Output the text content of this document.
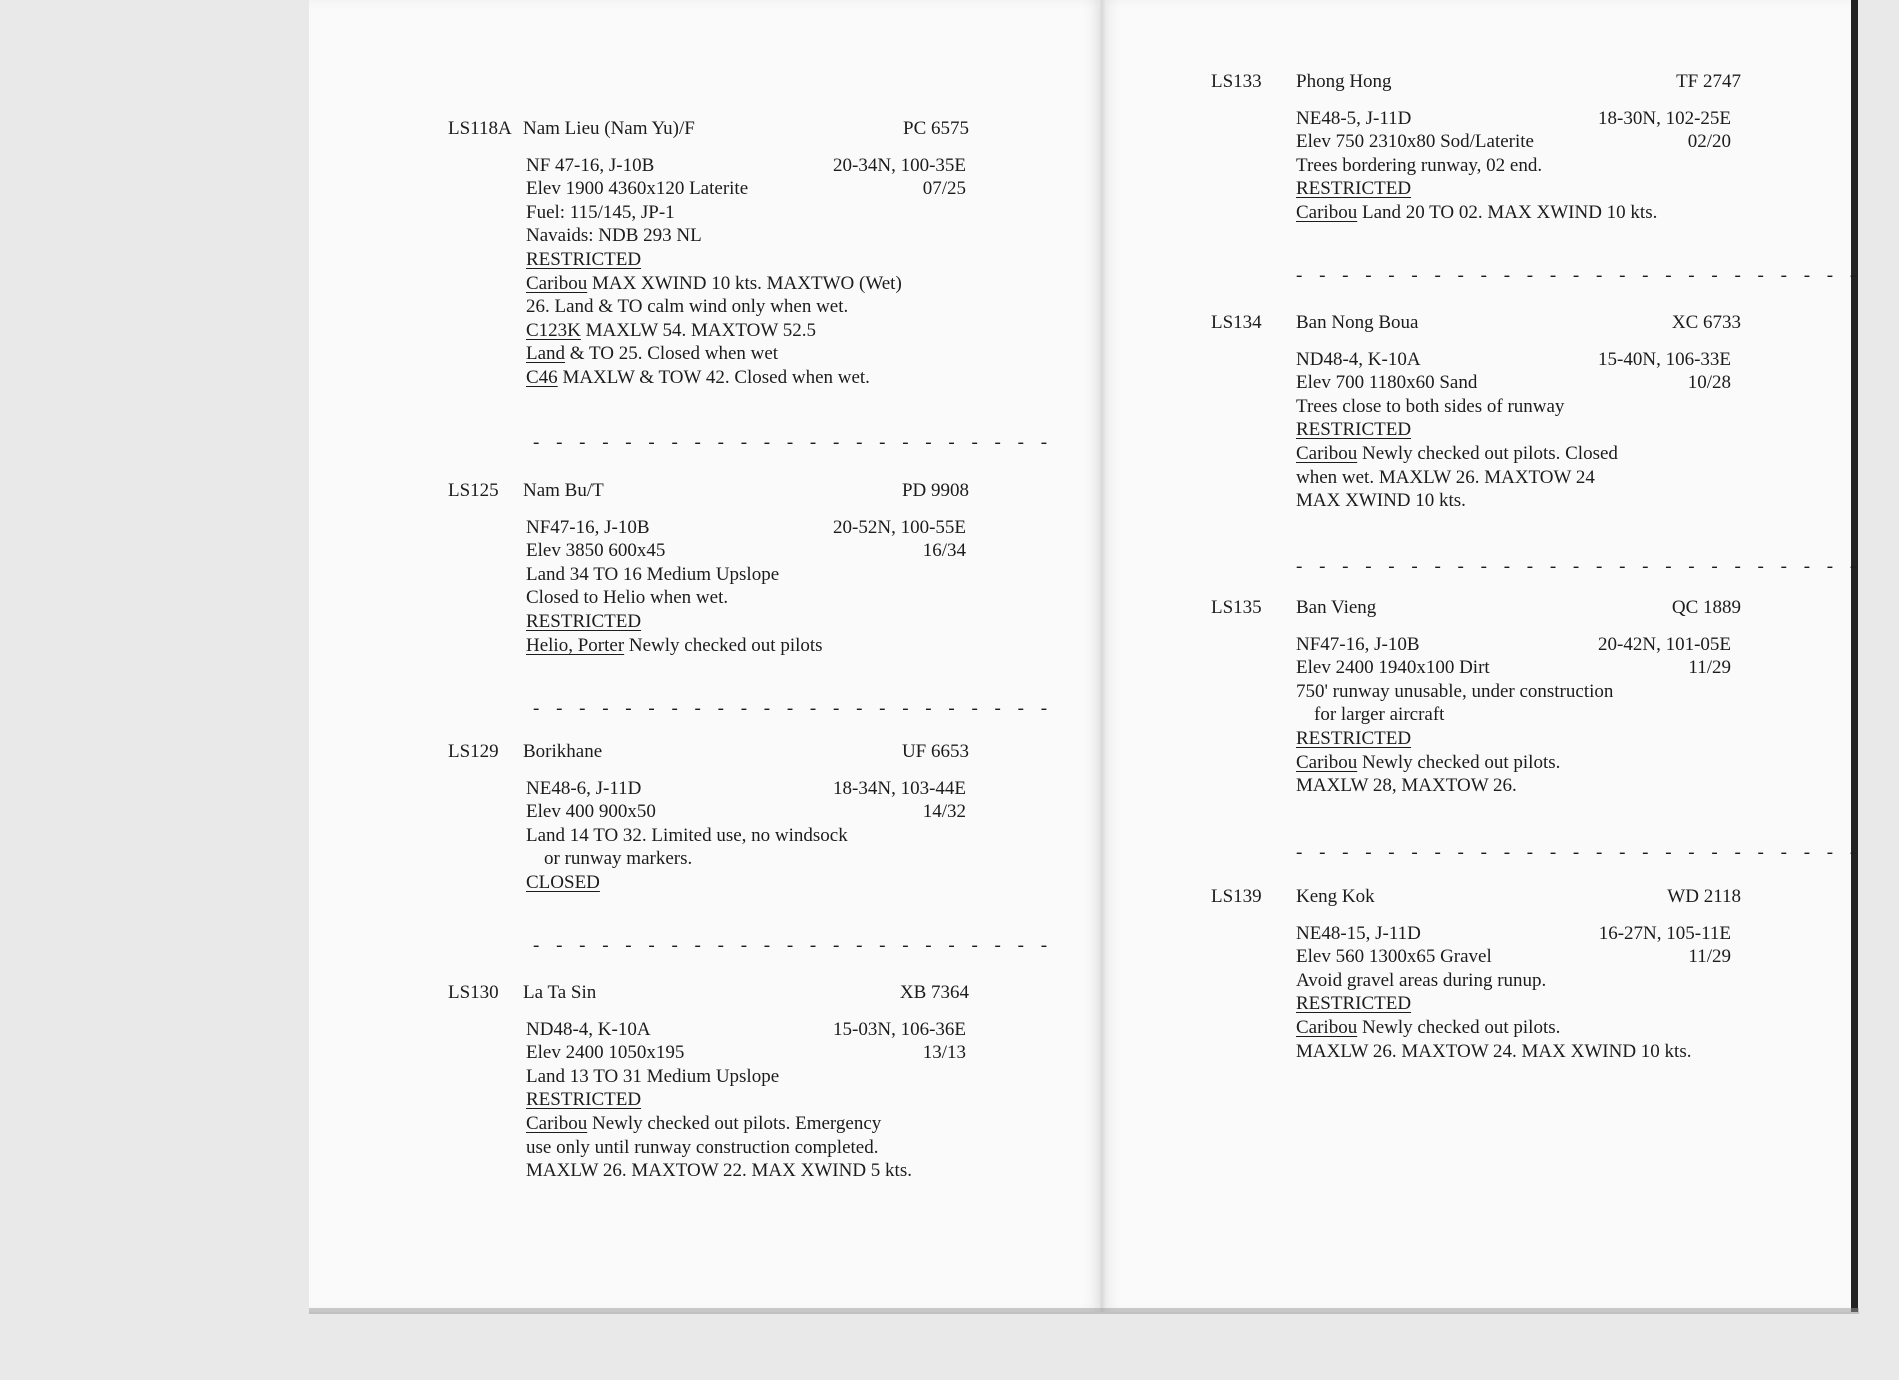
LS118A Nam Lieu (Nam Yu)/F	PC 6575
NF 47-16, J-10B	20-34N, 100-35E
Elev 1900 4360x120 Laterite	07/25
Fuel: 115/145, JP-1
Navaids: NDB 293 NL
RESTRICTED
Caribou MAX XWIND 10 kts. MAXTWO (Wet)
26. Land & TO calm wind only when wet.
C123K MAXLW 54. MAXTOW 52.5
Land & TO 25. Closed when wet
C46 MAXLW & TOW 42. Closed when wet.
LS125 Nam Bu/T	PD 9908
NF47-16, J-10B	20-52N, 100-55E
Elev 3850 600x45	16/34
Land 34 TO 16 Medium Upslope
Closed to Helio when wet.
RESTRICTED
Helio, Porter Newly checked out pilots
LS129 Borikhane	UF 6653
NE48-6, J-11D	18-34N, 103-44E
Elev 400 900x50	14/32
Land 14 TO 32. Limited use, no windsock
or runway markers.
CLOSED
LS130 La Ta Sin	XB 7364
ND48-4, K-10A	15-03N, 106-36E
Elev 2400 1050x195	13/13
Land 13 TO 31 Medium Upslope
RESTRICTED
Caribou Newly checked out pilots. Emergency
use only until runway construction completed.
MAXLW 26. MAXTOW 22. MAX XWIND 5 kts.
- - - - - - - - - - - - - - - - - - - - - - -
- - - - - - - - - - - - - - - - - - - - - - -
- - - - - - - - - - - - - - - - - - - - - - -
LS133 Phong Hong	TF 2747
NE48-5, J-11D	18-30N, 102-25E
Elev 750 2310x80 Sod/Laterite	02/20
Trees bordering runway, 02 end.
RESTRICTED
Caribou Land 20 TO 02. MAX XWIND 10 kts.
LS134 Ban Nong Boua	XC 6733
ND48-4, K-10A	15-40N, 106-33E
Elev 700 1180x60 Sand	10/28
Trees close to both sides of runway
RESTRICTED
Caribou Newly checked out pilots. Closed
when wet. MAXLW 26. MAXTOW 24
MAX XWIND 10 kts.
LS135 Ban Vieng	QC 1889
NF47-16, J-10B	20-42N, 101-05E
Elev 2400 1940x100 Dirt	11/29
750' runway unusable, under construction
for larger aircraft
RESTRICTED
Caribou Newly checked out pilots.
MAXLW 28, MAXTOW 26.
LS139 Keng Kok	WD 2118
NE48-15, J-11D	16-27N, 105-11E
Elev 560 1300x65 Gravel	11/29
Avoid gravel areas during runup.
RESTRICTED
Caribou Newly checked out pilots.
MAXLW 26. MAXTOW 24. MAX XWIND 10 kts.
- - - - - - - - - - - - - - - - - - - - - - - - -
- - - - - - - - - - - - - - - - - - - - - - - - -
- - - - - - - - - - - - - - - - - - - - - - - - -
